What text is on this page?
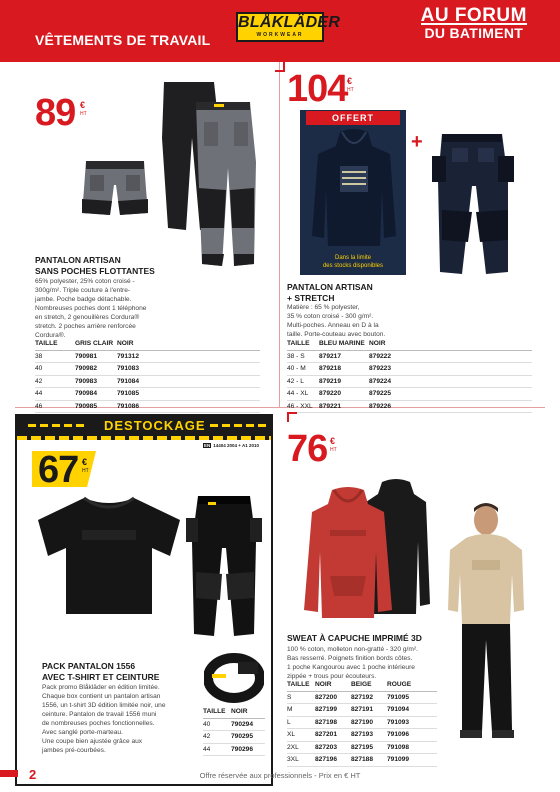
VÊTEMENTS DE TRAVAIL
BLÅKLÄDER
WORKWEAR
AU FORUM
DU BATIMENT
89 €
HT
PANTALON ARTISAN
SANS POCHES FLOTTANTES
65% polyester, 25% coton croisé -
300g/m². Triple couture à l'entre-
jambe. Poche badge détachable.
Nombreuses poches dont 1 téléphone
en stretch, 2 genouillères Cordura®
stretch. 2 poches arrière renforcée
Cordura®.
TAILLE	GRIS CLAIR	NOIR
38	790981	791312
40	790982	791083
42	790983	791084
44	790984	791085
46	790985	791086
104 €
HT
OFFERT
Dans la limite
des stocks disponibles
+
PANTALON ARTISAN
+ STRETCH
Matière : 65 % polyester,
35 % coton croisé - 300 g/m².
Multi-poches. Anneau en D à la
taille. Porte-couteau avec bouton.
TAILLE	BLEU MARINE	NOIR
38 - S	879217	879222
40 - M	879218	879223
42 - L	879219	879224
44 - XL	879220	879225
46 - XXL	879221	879226
DESTOCKAGE
67 €
HT
EN 14404 2004 + A1 2010
PACK PANTALON 1556
AVEC T-SHIRT ET CEINTURE
Pack promo Blåkläder en édition limitée.
Chaque box contient un pantalon artisan
1556, un t-shirt 3D édition limitée noir, une
ceinture. Pantalon de travail 1556 muni
de nombreuses poches fonctionnelles.
Avec sanglé porte-marteau.
Une coupe bien ajustée grâce aux
jambes pré-courbées.
TAILLE	NOIR
40	790294
42	790295
44	790296
76 €
HT
SWEAT À CAPUCHE IMPRIMÉ 3D
100 % coton, molleton non-gratté - 320 g/m².
Bas resserré. Poignets finition bords côtes.
1 poche Kangourou avec 1 poche intérieure
zippée + trous pour écouteurs.
TAILLE	NOIR	BEIGE	ROUGE
S	827200	827192	791095
M	827199	827191	791094
L	827198	827190	791093
XL	827201	827193	791096
2XL	827203	827195	791098
3XL	827196	827188	791099
2	Offre réservée aux professionnels - Prix en € HT
